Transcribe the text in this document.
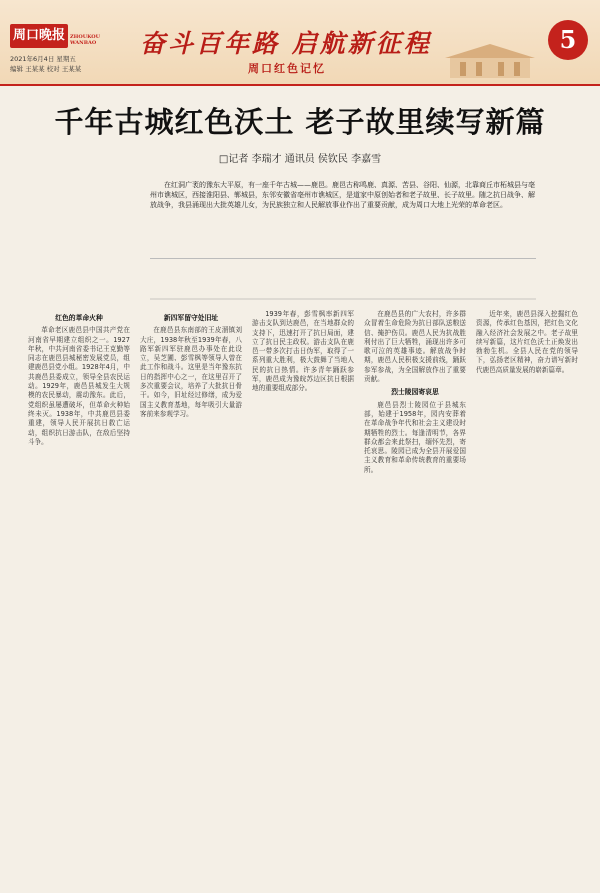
周口晚报	ZHOUKOU WANBAO
2021年6月4日 星期五
编辑 王某某 校对 王某某
奋斗百年路 启航新征程
周口红色记忆
5
千年古城红色沃土 老子故里续写新篇
□记者 李瑞才 通讯员 侯钦民 李嘉雪
在红洞广袤的豫东大平原，有一座千年古城——鹿邑。鹿邑古称鸣鹿、真源、苦县、谷阳、仙源，北靠商丘市柘城县与亳州市谯城区，西接淮阳县、郸城县，东邻安徽省亳州市谯城区，是道家中原创始者和老子故里、长子故里。随之抗日战争、解放战争，我县涌现出大批英雄儿女，为民族独立和人民解放事业作出了重要贡献，成为周口大地上光荣的革命老区。

红色的革命火种

革命老区鹿邑县中国共产党在河南省早期建立组织之一。1927年秋，中共河南省委书记王克勤等同志在鹿邑县城秘密发展党员，组建鹿邑县党小组。1928年4月，中共鹿邑县委成立，领导全县农民运动。1929年，鹿邑县城发生大规模的农民暴动，震动豫东。此后，党组织虽屡遭破坏，但革命火种始终未灭。1938年，中共鹿邑县委重建，领导人民开展抗日救亡运动，组织抗日游击队，在敌后坚持斗争。

新四军留守处旧址

在鹿邑县东南部的王皮溜镇刘大庄，1938年秋至1939年春，八路军新四军驻鹿邑办事处在此设立，吴芝圃、彭雪枫等领导人曾在此工作和战斗。这里是当年豫东抗日的指挥中心之一，在这里召开了多次重要会议，培养了大批抗日骨干。如今，旧址经过修缮，成为爱国主义教育基地，每年吸引大量游客前来参观学习。

1939年春，彭雪枫率新四军游击支队到达鹿邑，在当地群众的支持下，迅速打开了抗日局面，建立了抗日民主政权。游击支队在鹿邑一带多次打击日伪军，取得了一系列重大胜利，极大鼓舞了当地人民的抗日热情。许多青年踊跃参军，鹿邑成为豫皖苏边区抗日根据地的重要组成部分。

在鹿邑县的广大农村，许多群众冒着生命危险为抗日部队送粮送信、掩护伤员。鹿邑人民为抗战胜利付出了巨大牺牲，涌现出许多可歌可泣的英雄事迹。解放战争时期，鹿邑人民积极支援前线，踊跃参军参战，为全国解放作出了重要贡献。

烈士陵园寄哀思

鹿邑县烈士陵园位于县城东部，始建于1958年，园内安葬着在革命战争年代和社会主义建设时期牺牲的烈士。每逢清明节，各界群众都会来此祭扫，缅怀先烈，寄托哀思。陵园已成为全县开展爱国主义教育和革命传统教育的重要场所。

近年来，鹿邑县深入挖掘红色资源，传承红色基因，把红色文化融入经济社会发展之中。老子故里续写新篇，这片红色沃土正焕发出勃勃生机。全县人民在党的领导下，弘扬老区精神，奋力谱写新时代鹿邑高质量发展的崭新篇章。
